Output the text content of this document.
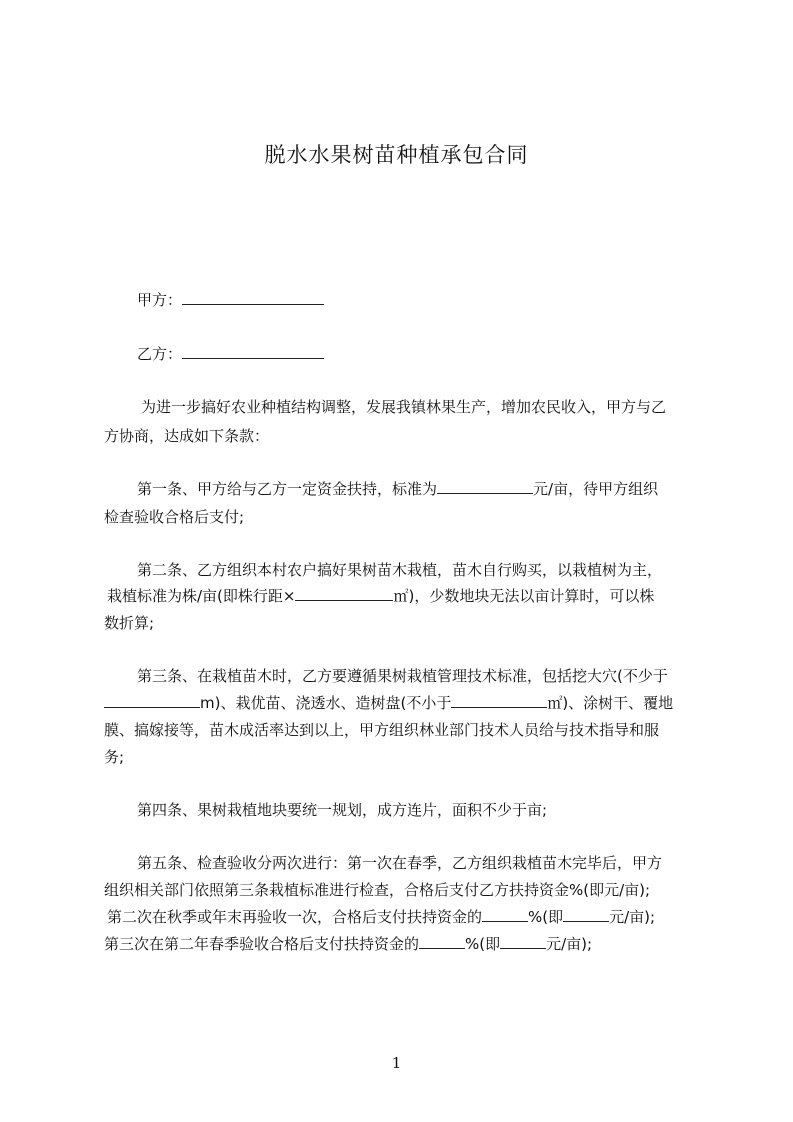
脱水水果树苗种植承包合同

甲方：

乙方：

为进一步搞好农业种植结构调整，发展我镇林果生产，增加农民收入，甲方与乙

方协商，达成如下条款：

第一条、甲方给与乙方一定资金扶持，标准为	元/亩，待甲方组织

检查验收合格后支付;

第二条、乙方组织本村农户搞好果树苗木栽植，苗木自行购买，以栽植树为主，

栽植标准为株/亩(即株行距×	㎡)，少数地块无法以亩计算时，可以株

数折算;

第三条、在栽植苗木时，乙方要遵循果树栽植管理技术标准，包括挖大穴(不少于

m)、栽优苗、浇透水、造树盘(不小于	㎡)、涂树干、覆地

膜、搞嫁接等，苗木成活率达到以上，甲方组织林业部门技术人员给与技术指导和服

务;

第四条、果树栽植地块要统一规划，成方连片，面积不少于亩;

第五条、检查验收分两次进行：第一次在春季，乙方组织栽植苗木完毕后，甲方

组织相关部门依照第三条栽植标准进行检查，合格后支付乙方扶持资金%(即元/亩);

第二次在秋季或年末再验收一次，合格后支付扶持资金的	%(即	元/亩);

第三次在第二年春季验收合格后支付扶持资金的	%(即	元/亩);

1
